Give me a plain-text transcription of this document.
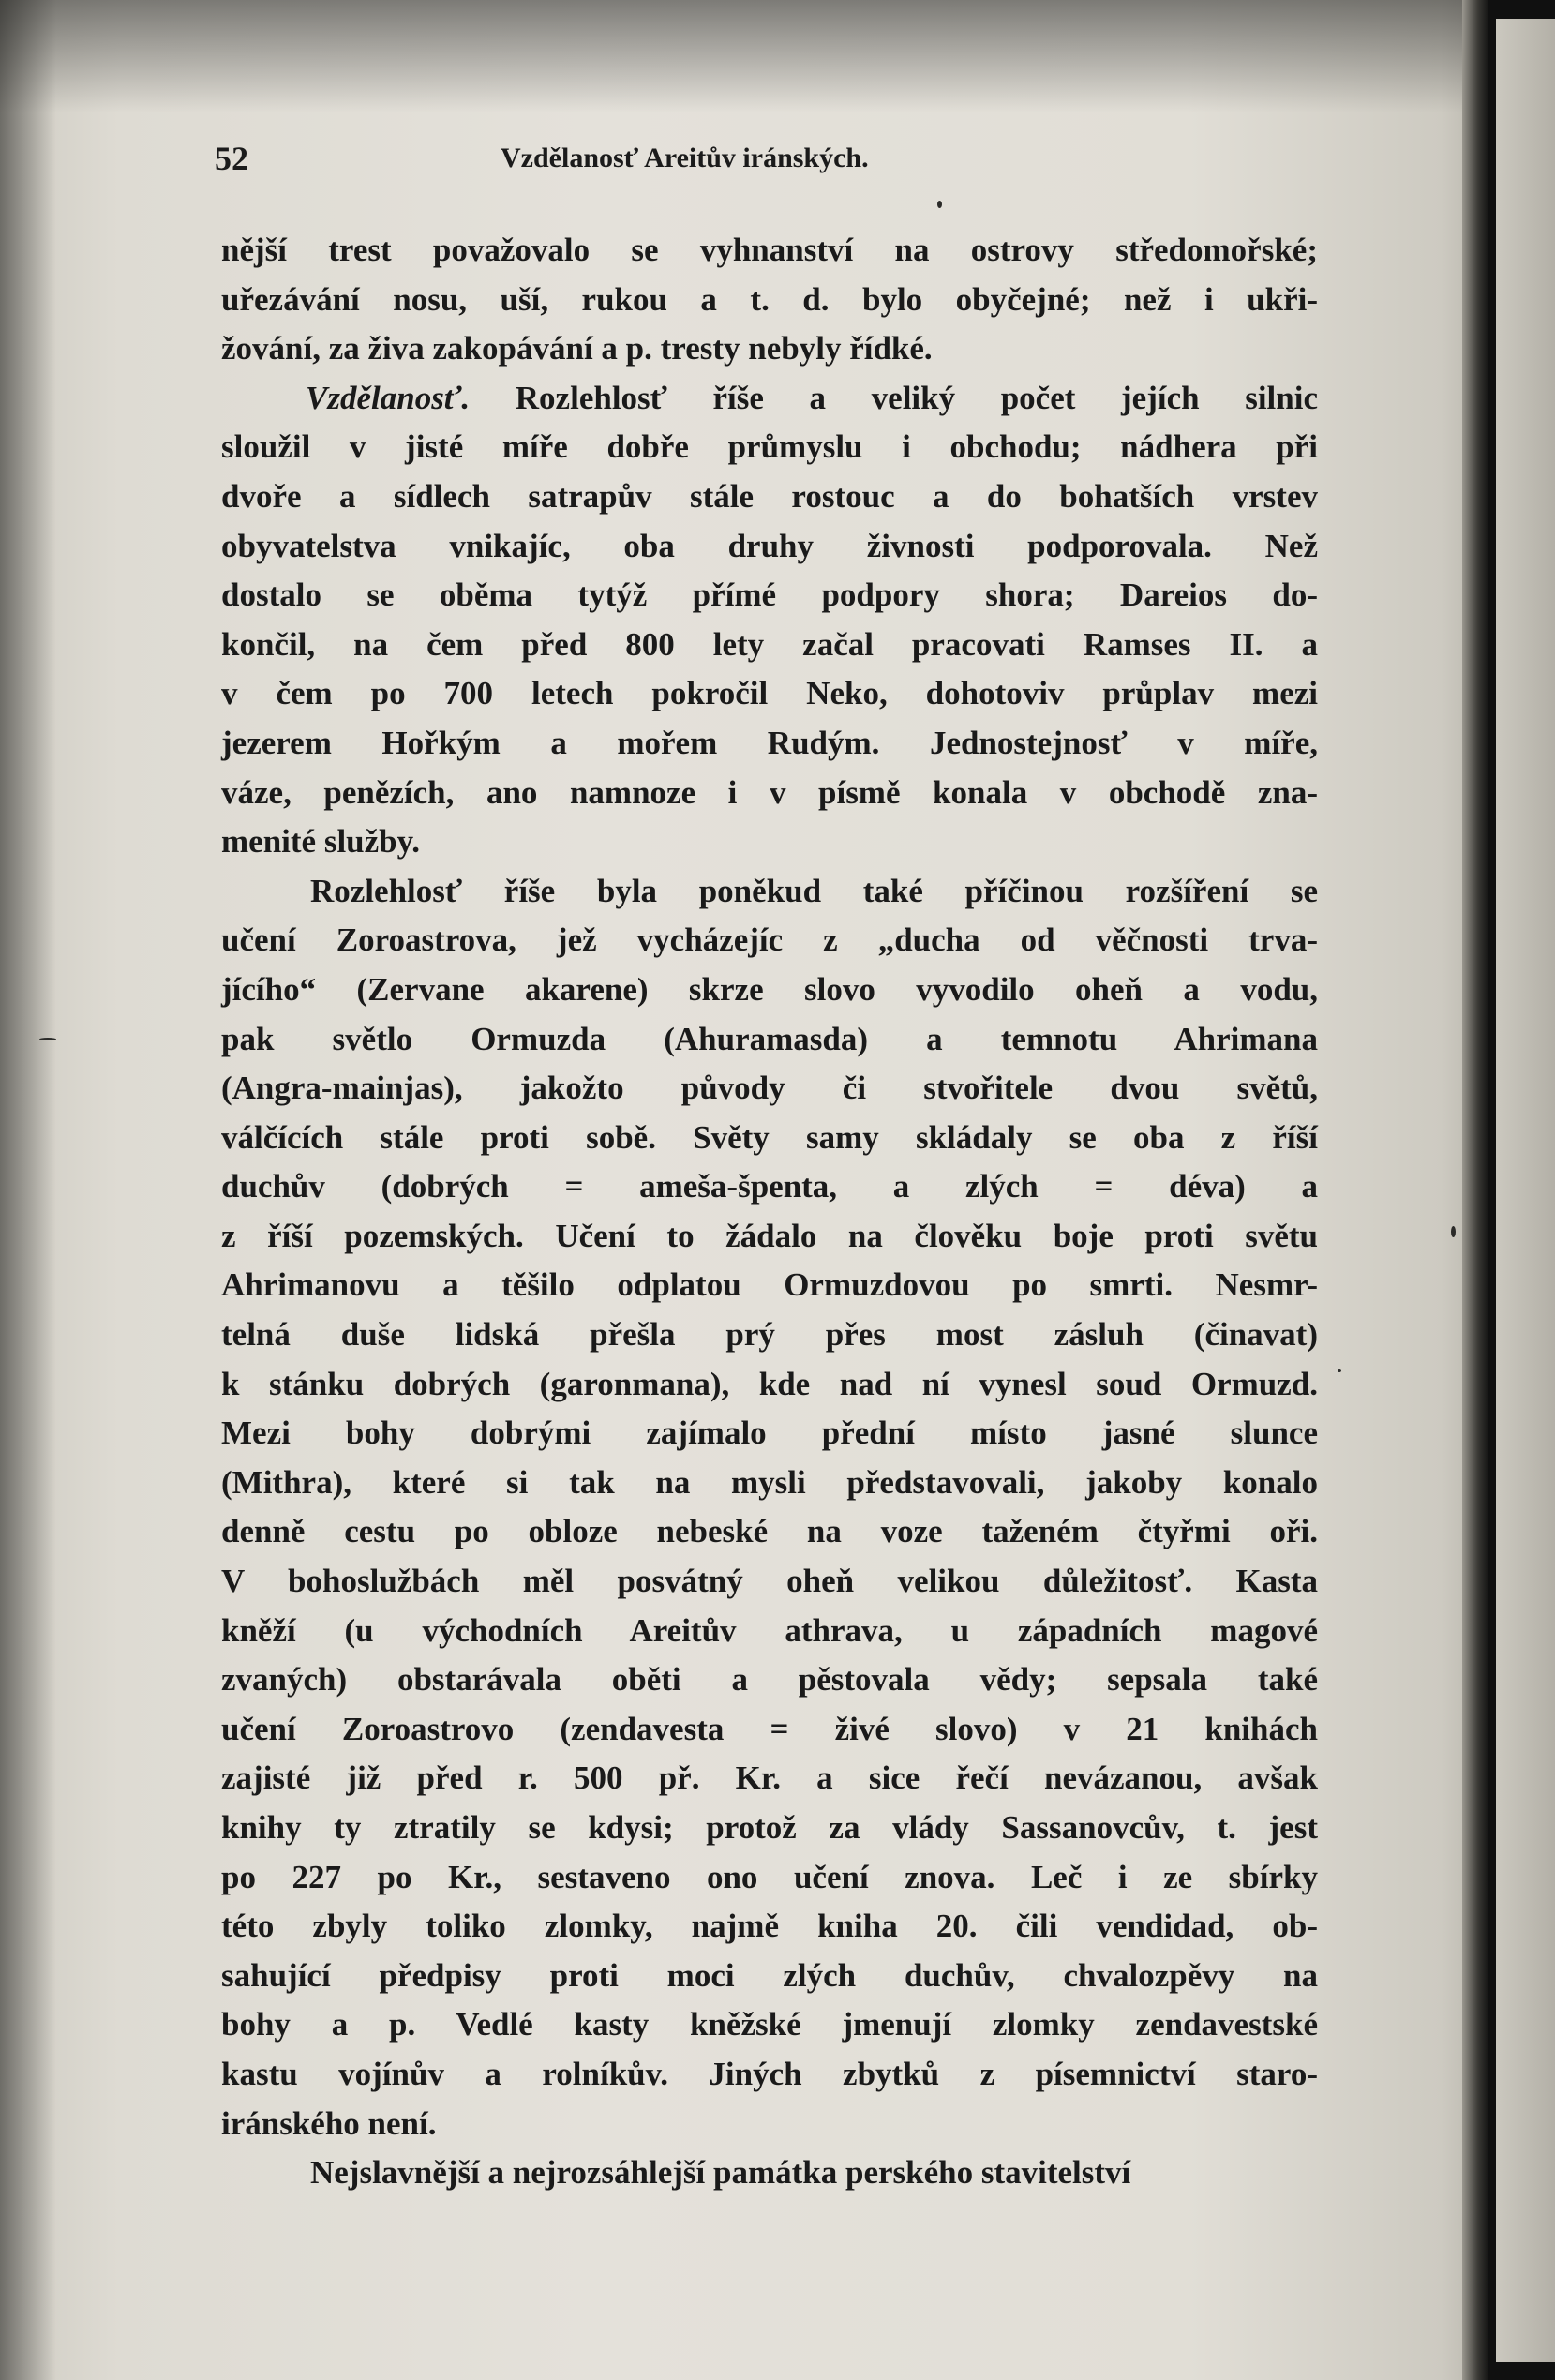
52	Vzdělanosť Areitův iránských.
nější trest považovalo se vyhnanství na ostrovy středomořské;
uřezávání nosu, uší, rukou a t. d. bylo obyčejné; než i ukři-
žování, za živa zakopávání a p. tresty nebyly řídké.
Vzdělanosť. Rozlehlosť říše a veliký počet jejích silnic
sloužil v jisté míře dobře průmyslu i obchodu; nádhera při
dvoře a sídlech satrapův stále rostouc a do bohatších vrstev
obyvatelstva vnikajíc, oba druhy živnosti podporovala. Než
dostalo se oběma tytýž přímé podpory shora; Dareios do-
končil, na čem před 800 lety začal pracovati Ramses II. a
v čem po 700 letech pokročil Neko, dohotoviv průplav mezi
jezerem Hořkým a mořem Rudým. Jednostejnosť v míře,
váze, penězích, ano namnoze i v písmě konala v obchodě zna-
menité služby.
Rozlehlosť říše byla poněkud také příčinou rozšíření se
učení Zoroastrova, jež vycházejíc z „ducha od věčnosti trva-
jícího“ (Zervane akarene) skrze slovo vyvodilo oheň a vodu,
pak světlo Ormuzda (Ahuramasda) a temnotu Ahrimana
(Angra-mainjas), jakožto původy či stvořitele dvou světů,
válčících stále proti sobě. Světy samy skládaly se oba z říší
duchův (dobrých = ameša-špenta, a zlých = déva) a
z říší pozemských. Učení to žádalo na člověku boje proti světu
Ahrimanovu a těšilo odplatou Ormuzdovou po smrti. Nesmr-
telná duše lidská přešla prý přes most zásluh (činavat)
k stánku dobrých (garonmana), kde nad ní vynesl soud Ormuzd.
Mezi bohy dobrými zajímalo přední místo jasné slunce
(Mithra), které si tak na mysli představovali, jakoby konalo
denně cestu po obloze nebeské na voze taženém čtyřmi oři.
V bohoslužbách měl posvátný oheň velikou důležitosť. Kasta
kněží (u východních Areitův athrava, u západních magové
zvaných) obstarávala oběti a pěstovala vědy; sepsala také
učení Zoroastrovo (zendavesta = živé slovo) v 21 knihách
zajisté již před r. 500 př. Kr. a sice řečí nevázanou, avšak
knihy ty ztratily se kdysi; protož za vlády Sassanovcův, t. jest
po 227 po Kr., sestaveno ono učení znova. Leč i ze sbírky
této zbyly toliko zlomky, najmě kniha 20. čili vendidad, ob-
sahující předpisy proti moci zlých duchův, chvalozpěvy na
bohy a p. Vedlé kasty kněžské jmenují zlomky zendavestské
kastu vojínův a rolníkův. Jiných zbytků z písemnictví staro-
iránského není.
Nejslavnější a nejrozsáhlejší památka perského stavitelství
